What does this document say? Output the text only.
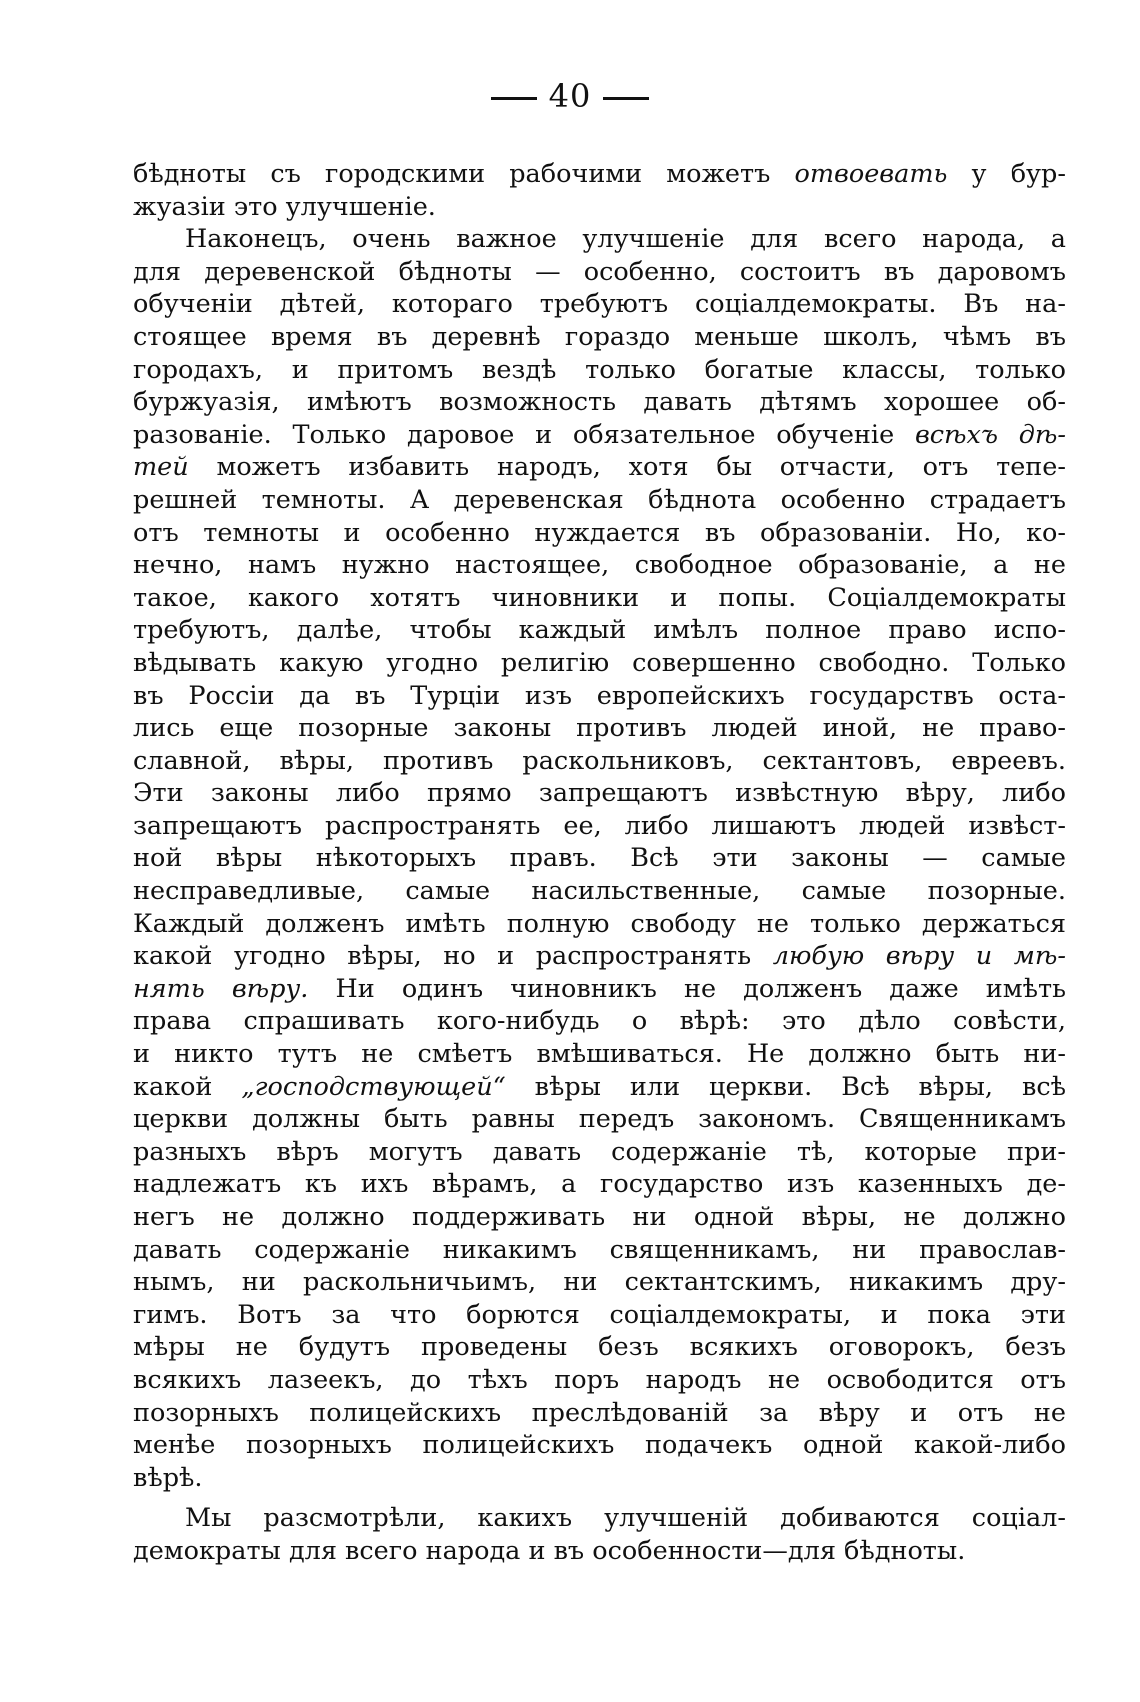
40
бѣдноты съ городскими рабочими можетъ отвоевать у бур-
жуазіи это улучшеніе.
Наконецъ, очень важное улучшеніе для всего народа, а
для деревенской бѣдноты — особенно, состоитъ въ даровомъ
обученіи дѣтей, котораго требуютъ соціалдемократы. Въ на-
стоящее время въ деревнѣ гораздо меньше школъ, чѣмъ въ
городахъ, и притомъ вездѣ только богатые классы, только
буржуазія, имѣютъ возможность давать дѣтямъ хорошее об-
разованіе. Только даровое и обязательное обученіе всѣхъ дѣ-
тей можетъ избавить народъ, хотя бы отчасти, отъ тепе-
решней темноты. А деревенская бѣднота особенно страдаетъ
отъ темноты и особенно нуждается въ образованіи. Но, ко-
нечно, намъ нужно настоящее, свободное образованіе, а не
такое, какого хотятъ чиновники и попы. Соціалдемократы
требуютъ, далѣе, чтобы каждый имѣлъ полное право испо-
вѣдывать какую угодно религію совершенно свободно. Только
въ Россіи да въ Турціи изъ европейскихъ государствъ оста-
лись еще позорные законы противъ людей иной, не право-
славной, вѣры, противъ раскольниковъ, сектантовъ, евреевъ.
Эти законы либо прямо запрещаютъ извѣстную вѣру, либо
запрещаютъ распространять ее, либо лишаютъ людей извѣст-
ной вѣры нѣкоторыхъ правъ. Всѣ эти законы — самые
несправедливые, самые насильственные, самые позорные.
Каждый долженъ имѣть полную свободу не только держаться
какой угодно вѣры, но и распространять любую вѣру и мѣ-
нять вѣру. Ни одинъ чиновникъ не долженъ даже имѣть
права спрашивать кого-нибудь о вѣрѣ: это дѣло совѣсти,
и никто тутъ не смѣетъ вмѣшиваться. Не должно быть ни-
какой „господствующей“ вѣры или церкви. Всѣ вѣры, всѣ
церкви должны быть равны передъ закономъ. Священникамъ
разныхъ вѣръ могутъ давать содержаніе тѣ, которые при-
надлежатъ къ ихъ вѣрамъ, а государство изъ казенныхъ де-
негъ не должно поддерживать ни одной вѣры, не должно
давать содержаніе никакимъ священникамъ, ни православ-
нымъ, ни раскольничьимъ, ни сектантскимъ, никакимъ дру-
гимъ. Вотъ за что борются соціалдемократы, и пока эти
мѣры не будутъ проведены безъ всякихъ оговорокъ, безъ
всякихъ лазеекъ, до тѣхъ поръ народъ не освободится отъ
позорныхъ полицейскихъ преслѣдованій за вѣру и отъ не
менѣе позорныхъ полицейскихъ подачекъ одной какой-либо
вѣрѣ.
Мы разсмотрѣли, какихъ улучшеній добиваются соціал-
демократы для всего народа и въ особенности—для бѣдноты.
